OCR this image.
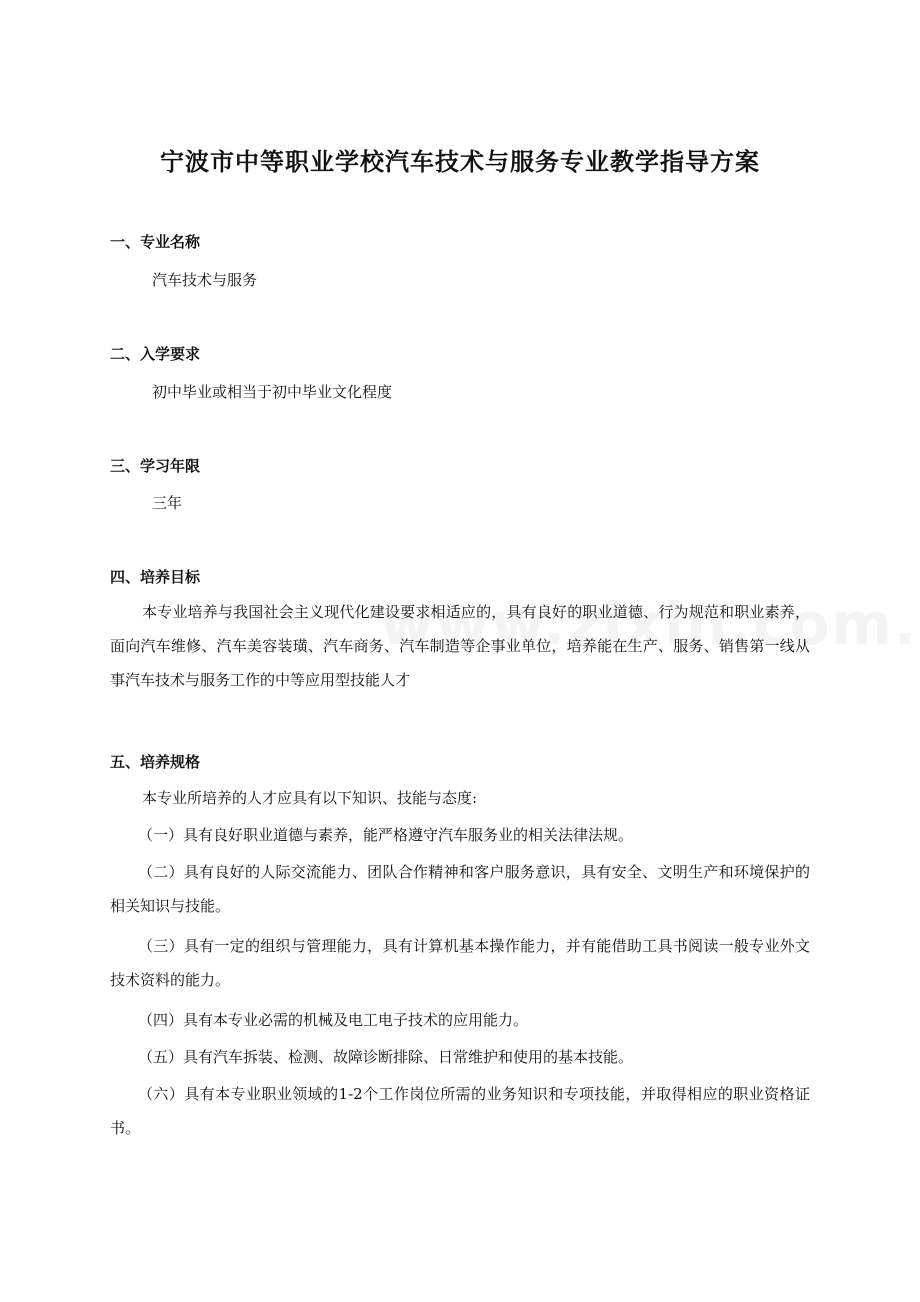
宁波市中等职业学校汽车技术与服务专业教学指导方案
一、专业名称

汽车技术与服务

二、入学要求

初中毕业或相当于初中毕业文化程度

三、学习年限

三年

四、培养目标

本专业培养与我国社会主义现代化建设要求相适应的，具有良好的职业道德、行为规范和职业素养，面向汽车维修、汽车美容装璜、汽车商务、汽车制造等企事业单位，培养能在生产、服务、销售第一线从事汽车技术与服务工作的中等应用型技能人才

五、培养规格

本专业所培养的人才应具有以下知识、技能与态度:

（一）具有良好职业道德与素养，能严格遵守汽车服务业的相关法律法规。

（二）具有良好的人际交流能力、团队合作精神和客户服务意识，具有安全、文明生产和环境保护的相关知识与技能。

（三）具有一定的组织与管理能力，具有计算机基本操作能力，并有能借助工具书阅读一般专业外文技术资料的能力。

（四）具有本专业必需的机械及电工电子技术的应用能力。

（五）具有汽车拆装、检测、故障诊断排除、日常维护和使用的基本技能。

（六）具有本专业职业领域的1-2个工作岗位所需的业务知识和专项技能，并取得相应的职业资格证书。
